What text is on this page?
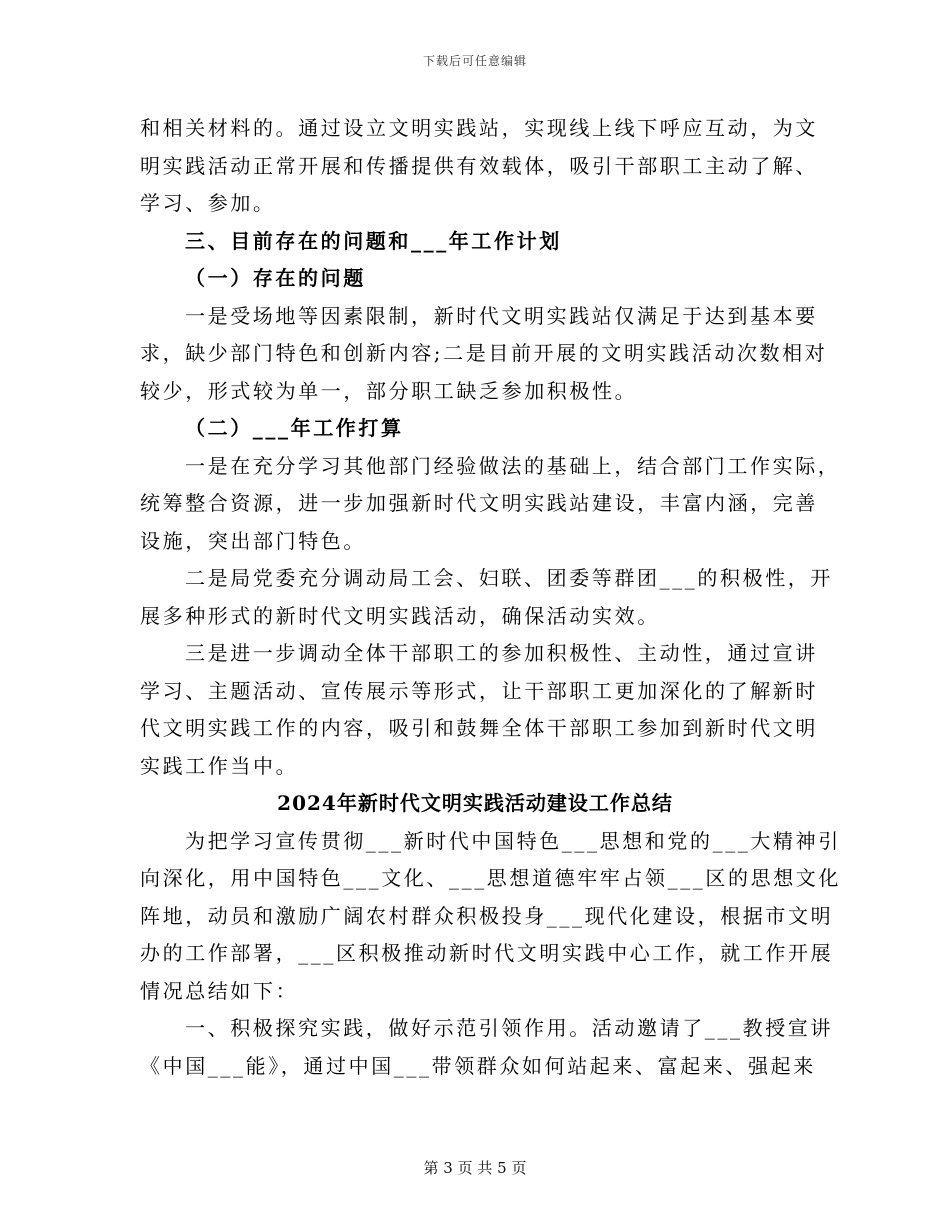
下载后可任意编辑

和相关材料的。通过设立文明实践站，实现线上线下呼应互动，为文
明实践活动正常开展和传播提供有效载体，吸引干部职工主动了解、
学习、参加。

三、目前存在的问题和___年工作计划

（一）存在的问题

一是受场地等因素限制，新时代文明实践站仅满足于达到基本要
求，缺少部门特色和创新内容;二是目前开展的文明实践活动次数相对
较少，形式较为单一，部分职工缺乏参加积极性。

（二）___年工作打算

一是在充分学习其他部门经验做法的基础上，结合部门工作实际，
统筹整合资源，进一步加强新时代文明实践站建设，丰富内涵，完善
设施，突出部门特色。

二是局党委充分调动局工会、妇联、团委等群团___的积极性，开
展多种形式的新时代文明实践活动，确保活动实效。

三是进一步调动全体干部职工的参加积极性、主动性，通过宣讲
学习、主题活动、宣传展示等形式，让干部职工更加深化的了解新时
代文明实践工作的内容，吸引和鼓舞全体干部职工参加到新时代文明
实践工作当中。

2024年新时代文明实践活动建设工作总结

为把学习宣传贯彻___新时代中国特色___思想和党的___大精神引
向深化，用中国特色___文化、___思想道德牢牢占领___区的思想文化
阵地，动员和激励广阔农村群众积极投身___现代化建设，根据市文明
办的工作部署，___区积极推动新时代文明实践中心工作，就工作开展
情况总结如下：

一、积极探究实践，做好示范引领作用。活动邀请了___教授宣讲
《中国___能》，通过中国___带领群众如何站起来、富起来、强起来

第 3 页 共 5 页
